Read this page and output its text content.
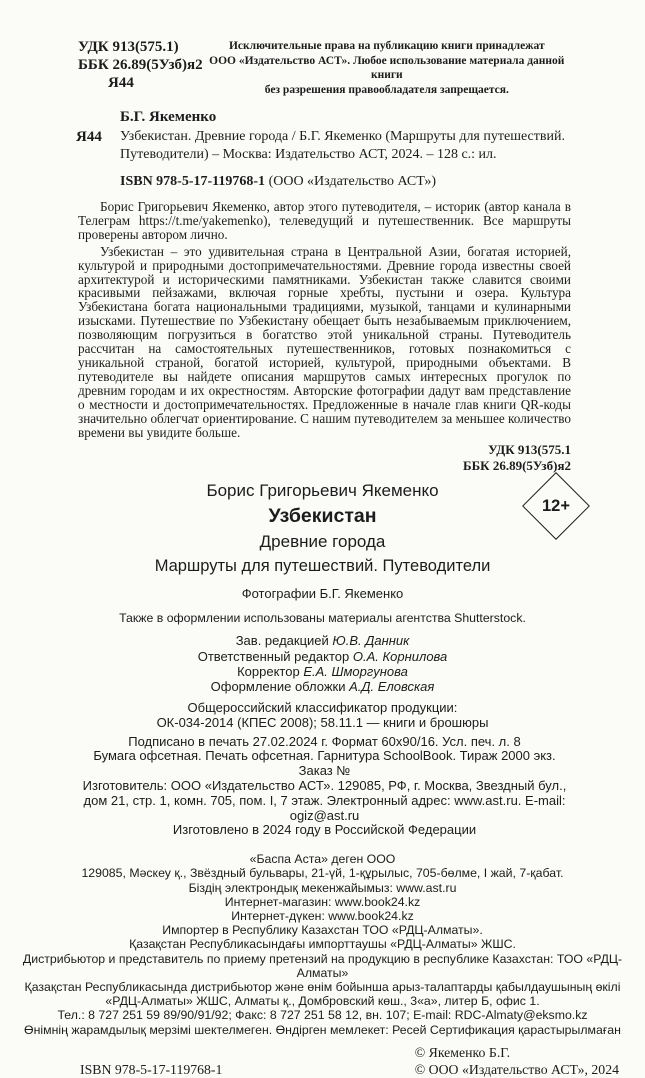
УДК 913(575.1)
ББК 26.89(5Узб)я2
Я44
Исключительные права на публикацию книги принадлежат
ООО «Издательство АСТ». Любое использование материала данной книги
без разрешения правообладателя запрещается.
Б.Г. Якеменко
Я44 Узбекистан. Древние города / Б.Г. Якеменко (Маршруты для путешествий. Путеводители) – Москва: Издательство АСТ, 2024. – 128 с.: ил.
ISBN 978-5-17-119768-1 (ООО «Издательство АСТ»)

Борис Григорьевич Якеменко, автор этого путеводителя, – историк (автор канала в Телеграм https://t.me/yakemenko), телеведущий и путешественник. Все маршруты проверены автором лично.

Узбекистан – это удивительная страна в Центральной Азии, богатая историей, культурой и природными достопримечательностями. Древние города известны своей архитектурой и историческими памятниками. Узбекистан также славится своими красивыми пейзажами, включая горные хребты, пустыни и озера. Культура Узбекистана богата национальными традициями, музыкой, танцами и кулинарными изысками. Путешествие по Узбекистану обещает быть незабываемым приключением, позволяющим погрузиться в богатство этой уникальной страны. Путеводитель рассчитан на самостоятельных путешественников, готовых познакомиться с уникальной страной, богатой историей, культурой, природными объектами. В путеводителе вы найдете описания маршрутов самых интересных прогулок по древним городам и их окрестностям. Авторские фотографии дадут вам представление о местности и достопримечательностях. Предложенные в начале глав книги QR-коды значительно облегчат ориентирование. С нашим путеводителем за меньшее количество времени вы увидите больше.

УДК 913(575.1
ББК 26.89(5Узб)я2
Борис Григорьевич Якеменко
Узбекистан
Древние города
Маршруты для путешествий. Путеводители
Фотографии Б.Г. Якеменко
Также в оформлении использованы материалы агентства Shutterstock.
12+
Зав. редакцией Ю.В. Данник
Ответственный редактор О.А. Корнилова
Корректор Е.А. Шморгунова
Оформление обложки А.Д. Еловская
Общероссийский классификатор продукции:
ОК-034-2014 (КПЕС 2008); 58.11.1 — книги и брошюры
Подписано в печать 27.02.2024 г. Формат 60x90/16. Усл. печ. л. 8
Бумага офсетная. Печать офсетная. Гарнитура SchoolBook. Тираж 2000 экз. Заказ №
Изготовитель: ООО «Издательство АСТ». 129085, РФ, г. Москва, Звездный бул., дом 21, стр. 1, комн. 705, пом. I, 7 этаж. Электронный адрес: www.ast.ru. E-mail: ogiz@ast.ru
Изготовлено в 2024 году в Российской Федерации
«Баспа Аста» деген ООО
129085, Мәскеу қ., Звёздный бульвары, 21-үй, 1-құрылыс, 705-бөлме, I жай, 7-қабат.
Біздің электрондық мекенжайымыз: www.ast.ru
Интернет-магазин: www.book24.kz
Интернет-дүкен: www.book24.kz
Импортер в Республику Казахстан ТОО «РДЦ-Алматы».
Қазақстан Республикасындағы импорттаушы «РДЦ-Алматы» ЖШС.
Дистрибьютор и представитель по приему претензий на продукцию в республике Казахстан: ТОО «РДЦ-Алматы»
Қазақстан Республикасында дистрибьютор және өнім бойынша арыз-талаптарды қабылдаушының өкілі
«РДЦ-Алматы» ЖШС, Алматы қ., Домбровский көш., 3«а», литер Б, офис 1.
Тел.: 8 727 251 59 89/90/91/92; Факс: 8 727 251 58 12, вн. 107; E-mail: RDC-Almaty@eksmo.kz
Өнімнің жарамдылық мерзімі шектелмеген. Өндірген мемлекет: Ресей Сертификация қарастырылмаған
ISBN 978-5-17-119768-1
© Якеменко Б.Г.
© ООО «Издательство АСТ», 2024
